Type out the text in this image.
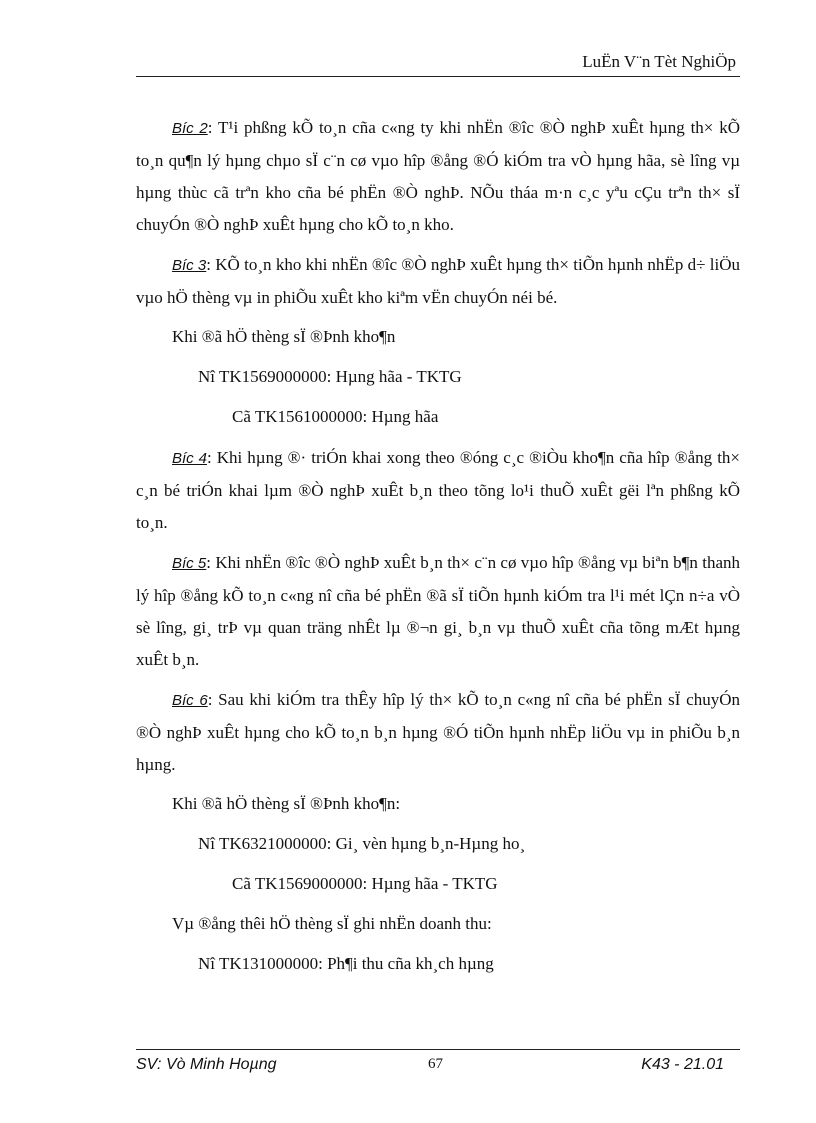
LuËn V¨n Tèt NghiÖp

Bíc 2: T¹i phßng kÕ to¸n cña c«ng ty khi nhËn ®îc ®Ò nghÞ xuÊt hµng th× kÕ to¸n qu¶n lý hµng chµo sÏ c¨n cø vµo hîp ®ång ®Ó kiÓm tra vÒ hµng hãa, sè lîng vµ hµng thùc cã trªn kho cña bé phËn ®Ò nghÞ. NÕu tháa m·n c¸c yªu cÇu trªn th× sÏ chuyÓn ®Ò nghÞ xuÊt hµng cho kÕ to¸n kho.

Bíc 3: KÕ to¸n kho khi nhËn ®îc ®Ò nghÞ xuÊt hµng th× tiÕn hµnh nhËp d÷ liÖu vµo hÖ thèng vµ in phiÕu xuÊt kho kiªm vËn chuyÓn néi bé.

Khi ®ã hÖ thèng sÏ ®Þnh kho¶n
Nî TK1569000000: Hµng hãa - TKTG
Cã TK1561000000: Hµng hãa

Bíc 4: Khi hµng ®· triÓn khai xong theo ®óng c¸c ®iÒu kho¶n cña hîp ®ång th× c¸n bé triÓn khai lµm ®Ò nghÞ xuÊt b¸n theo tõng lo¹i thuÕ xuÊt gëi lªn phßng kÕ to¸n.

Bíc 5: Khi nhËn ®îc ®Ò nghÞ xuÊt b¸n th× c¨n cø vµo hîp ®ång vµ biªn b¶n thanh lý hîp ®ång kÕ to¸n c«ng nî cña bé phËn ®ã sÏ tiÕn hµnh kiÓm tra l¹i mét lÇn n÷a vÒ sè lîng, gi¸ trÞ vµ quan träng nhÊt lµ ®¬n gi¸ b¸n vµ thuÕ xuÊt cña tõng mÆt hµng xuÊt b¸n.

Bíc 6: Sau khi kiÓm tra thÊy hîp lý th× kÕ to¸n c«ng nî cña bé phËn sÏ chuyÓn ®Ò nghÞ xuÊt hµng cho kÕ to¸n b¸n hµng ®Ó tiÕn hµnh nhËp liÖu vµ in phiÕu b¸n hµng.

Khi ®ã hÖ thèng sÏ ®Þnh kho¶n:
Nî TK6321000000: Gi¸ vèn hµng b¸n-Hµng ho¸
Cã TK1569000000: Hµng hãa - TKTG
Vµ ®ång thêi hÖ thèng sÏ ghi nhËn doanh thu:
Nî TK131000000: Ph¶i thu cña kh¸ch hµng
SV: Vò Minh Hoµng	67	K43 - 21.01
